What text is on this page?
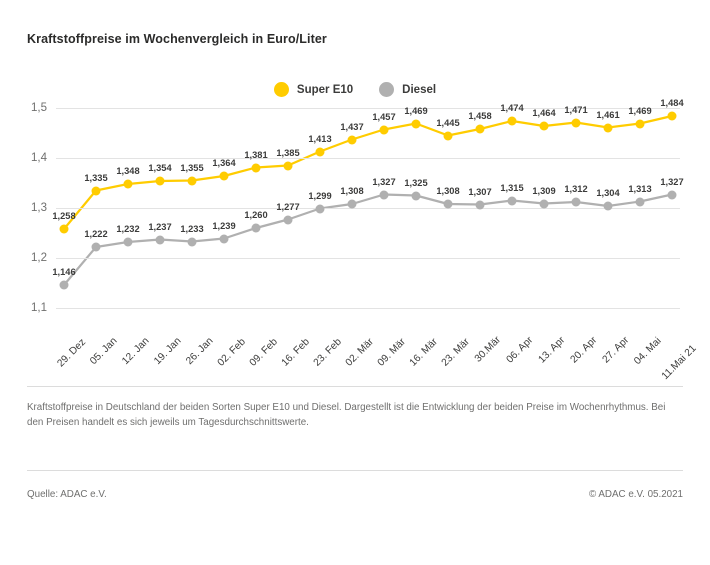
Kraftstoffpreise im Wochenvergleich in Euro/Liter
Super E10	Diesel
1,1
1,2
1,3
1,4
1,5
1,258
1,335
1,348 1,354 1,355 1,364
1,381 1,385
1,413
1,437
1,457
1,469
1,445
1,458
1,474 1,464 1,471 1,461 1,469
1,484
1,146
1,222 1,232 1,237 1,233 1,239
1,260
1,277
1,299 1,308
1,327 1,325
1,308 1,307 1,315 1,309 1,312 1,304 1,313
1,327
29. Dez 05. Jan 12. Jan 19. Jan 26. Jan 02. Feb 09. Feb 16. Feb 23. Feb 02. Mär 09. Mär 16. Mär 23. Mär 30.Mär 06. Apr 13. Apr 20. Apr 27. Apr 04. Mai
11.Mai 21
Kraftstoffpreise in Deutschland der beiden Sorten Super E10 und Diesel. Dargestellt ist die Entwicklung der beiden Preise im Wochenrhythmus. Bei den Preisen handelt es sich jeweils um Tagesdurchschnittswerte.
Quelle: ADAC e.V.	© ADAC e.V. 05.2021
